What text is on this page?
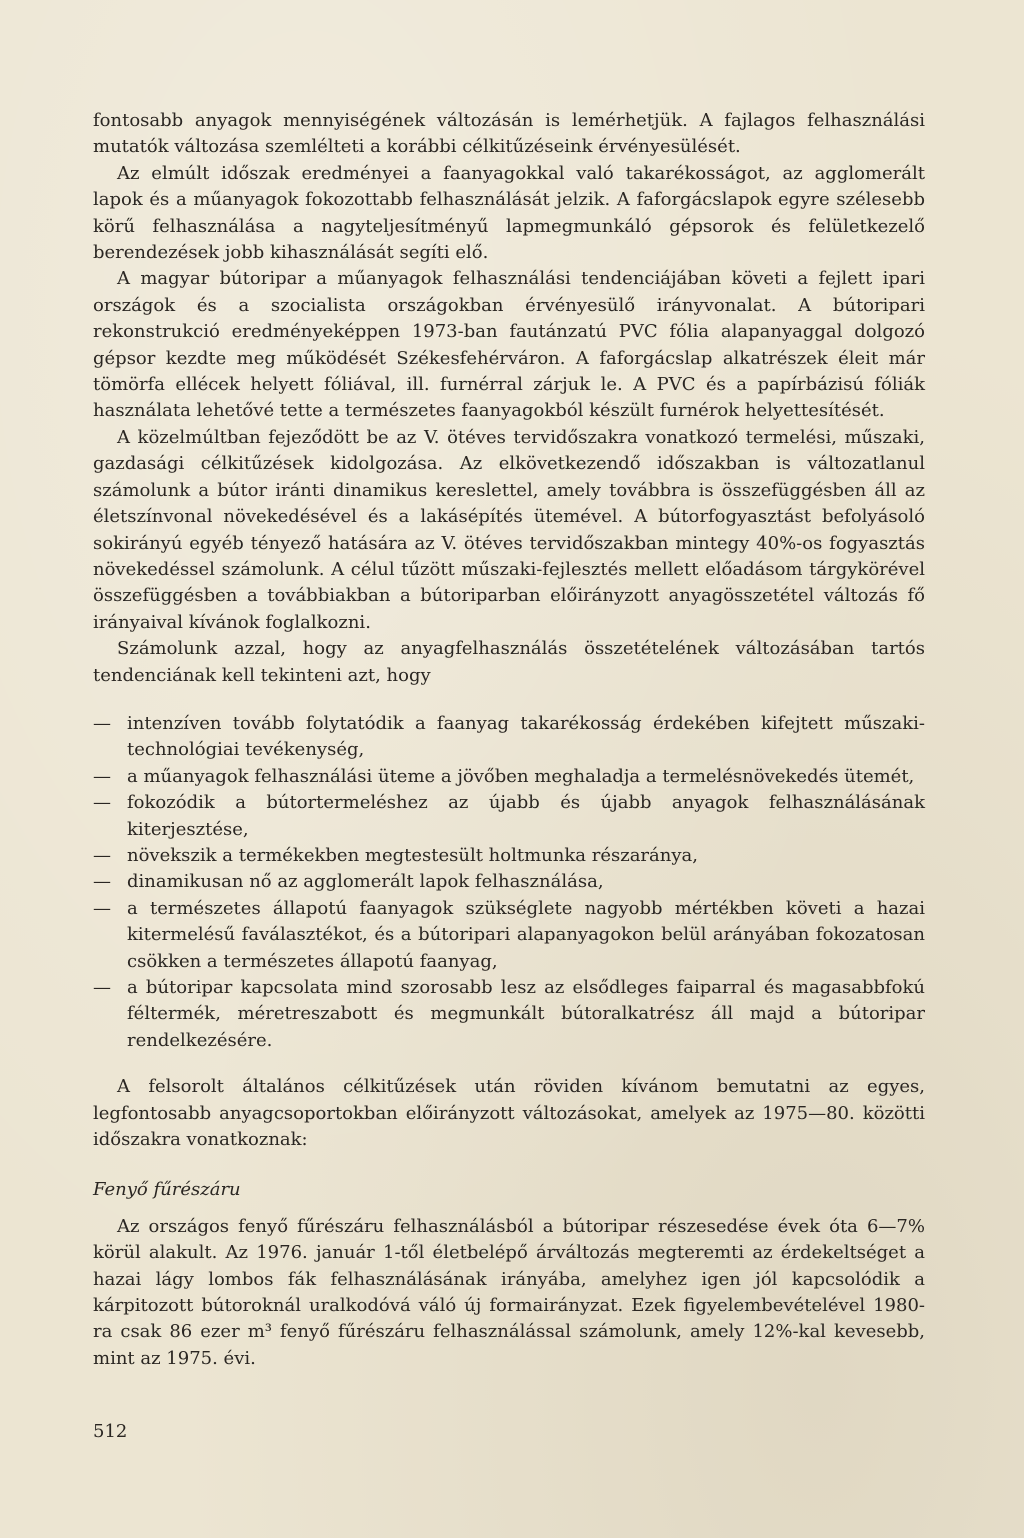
fontosabb anyagok mennyiségének változásán is lemérhetjük. A fajlagos felhasználási mutatók változása szemlélteti a korábbi célkitűzéseink érvényesülését.

Az elmúlt időszak eredményei a faanyagokkal való takarékosságot, az agglomerált lapok és a műanyagok fokozottabb felhasználását jelzik. A faforgácslapok egyre szélesebb körű felhasználása a nagyteljesítményű lapmegmunkáló gépsorok és felületkezelő berendezések jobb kihasználását segíti elő.

A magyar bútoripar a műanyagok felhasználási tendenciájában követi a fejlett ipari országok és a szocialista országokban érvényesülő irányvonalat. A bútoripari rekonstrukció eredményeképpen 1973-ban fautánzatú PVC fólia alapanyaggal dolgozó gépsor kezdte meg működését Székesfehérváron. A faforgácslap alkatrészek éleit már tömörfa ellécek helyett fóliával, ill. furnérral zárjuk le. A PVC és a papírbázisú fóliák használata lehetővé tette a természetes faanyagokból készült furnérok helyettesítését.

A közelmúltban fejeződött be az V. ötéves tervidőszakra vonatkozó termelési, műszaki, gazdasági célkitűzések kidolgozása. Az elkövetkezendő időszakban is változatlanul számolunk a bútor iránti dinamikus kereslettel, amely továbbra is összefüggésben áll az életszínvonal növekedésével és a lakásépítés ütemével. A bútorfogyasztást befolyásoló sokirányú egyéb tényező hatására az V. ötéves tervidőszakban mintegy 40%-os fogyasztás növekedéssel számolunk. A célul tűzött műszaki-fejlesztés mellett előadásom tárgykörével összefüggésben a továbbiakban a bútoriparban előirányzott anyagösszetétel változás fő irányaival kívánok foglalkozni.

Számolunk azzal, hogy az anyagfelhasználás összetételének változásában tartós tendenciának kell tekinteni azt, hogy

— intenzíven tovább folytatódik a faanyag takarékosság érdekében kifejtett műszaki-technológiai tevékenység,

— a műanyagok felhasználási üteme a jövőben meghaladja a termelésnövekedés ütemét,

— fokozódik a bútortermeléshez az újabb és újabb anyagok felhasználásának kiterjesztése,

— növekszik a termékekben megtestesült holtmunka részaránya,

— dinamikusan nő az agglomerált lapok felhasználása,

— a természetes állapotú faanyagok szükséglete nagyobb mértékben követi a hazai kitermelésű faválasztékot, és a bútoripari alapanyagokon belül arányában fokozatosan csökken a természetes állapotú faanyag,

— a bútoripar kapcsolata mind szorosabb lesz az elsődleges faiparral és magasabbfokú féltermék, méretreszabott és megmunkált bútoralkatrész áll majd a bútoripar rendelkezésére.

A felsorolt általános célkitűzések után röviden kívánom bemutatni az egyes, legfontosabb anyagcsoportokban előirányzott változásokat, amelyek az 1975—80. közötti időszakra vonatkoznak:

Fenyő fűrészáru

Az országos fenyő fűrészáru felhasználásból a bútoripar részesedése évek óta 6—7% körül alakult. Az 1976. január 1-től életbelépő árváltozás megteremti az érdekeltséget a hazai lágy lombos fák felhasználásának irányába, amelyhez igen jól kapcsolódik a kárpitozott bútoroknál uralkodóvá váló új formairányzat. Ezek figyelembevételével 1980-ra csak 86 ezer m³ fenyő fűrészáru felhasználással számolunk, amely 12%-kal kevesebb, mint az 1975. évi.

512
